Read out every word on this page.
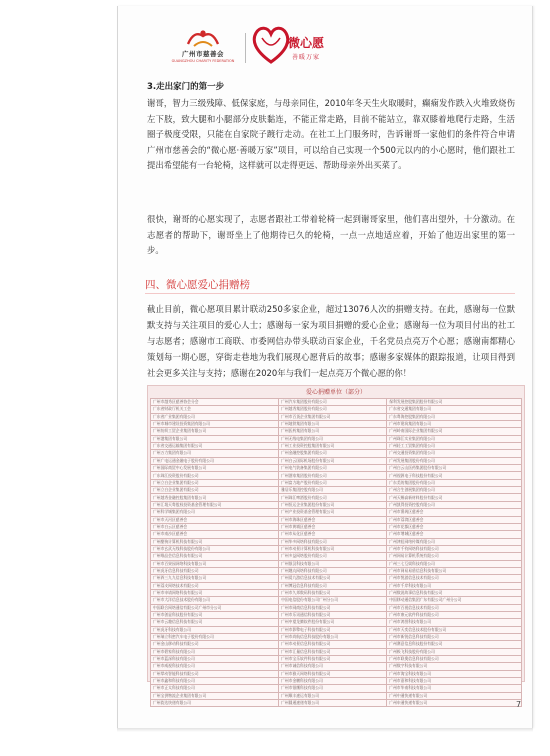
广州市慈善会
GUANGZHOU CHARITY FEDERATION
微心愿
善暖万家
3.走出家门的第一步
谢哥，智力三级残障、低保家庭，与母亲同住，2010年冬天生火取暖时，癫痫发作跌入火堆致烧伤左下肢，致大腿和小腿部分皮肤黏连，不能正常走路，目前不能站立，靠双膝着地爬行走路，生活圈子极度受限，只能在自家院子踱行走动。在社工上门服务时，告诉谢哥一家他们的条件符合申请广州市慈善会的“微心愿·善暖万家”项目，可以给自己实现一个500元以内的小心愿时，他们跟社工提出希望能有一台轮椅，这样就可以走得更远、帮助母亲外出买菜了。
很快，谢哥的心愿实现了，志愿者跟社工带着轮椅一起到谢哥家里，他们喜出望外，十分激动。在志愿者的帮助下，谢哥坐上了他期待已久的轮椅，一点一点地适应着，开始了他迈出家里的第一步。
四、微心愿爱心捐赠榜
截止目前，微心愿项目累计联动250多家企业，超过13076人次的捐赠支持。在此，感谢每一位默默支持与关注项目的爱心人士；感谢每一家为项目捐赠的爱心企业；感谢每一位为项目付出的社工与志愿者；感谢市工商联、市委网信办带头联动百家企业，千名党员点亮万个心愿；感谢南都精心策划每一期心愿，穿街走巷地为我们展现心愿背后的故事；感谢多家媒体的跟踪报道，让项目得到社会更多关注与支持；感谢在2020年与我们一起点亮万个微心愿的你！
爱心捐赠单位（部分）
广州市越秀区慈善协会分会	广州汽车集团股份有限公司	保利发展控股集团股份有限公司
广东省财政厅机关工会	广州越秀集团股份有限公司	广东省交通集团有限公司
广东省广业集团有限公司	广州市百货企业集团有限公司	广东粤海控股集团有限公司
广州市城市建设投资集团有限公司	广州地铁集团有限公司	广州市建筑集团有限公司
广州纺织工贸企业集团有限公司	广州医药集团有限公司	广州岭南国际企业集团有限公司
广州港集团有限公司	广州无线电集团有限公司	广州珠江实业集团有限公司
广东省交通运输集团有限公司	广州工业投资控股集团有限公司	广州轻工工贸集团有限公司
广州万力集团有限公司	广州金融控股集团有限公司	广州交通投资集团有限公司
广州广电运通金融电子股份有限公司	广州白云国际机场股份有限公司	广州发展集团股份有限公司
广州国际商贸中心发展有限公司	广州电气装备集团有限公司	广州白云山医药集团股份有限公司
广东珠江投资股份有限公司	广州酒家集团股份有限公司	广州视源电子科技股份有限公司
广州立白企业集团有限公司	广州富力地产股份有限公司	广东美的集团股份有限公司
广州立白企业集团有限公司	雅居乐集团控股有限公司	广州合生创展集团有限公司
广州越秀金融控股集团有限公司	广州珠江啤酒股份有限公司	广州天赐高新材料股份有限公司
广州汇垠天粤股权投资基金管理有限公司	广州恒运企业集团股份有限公司	广州凯得投资控股有限公司
广州科学城集团有限公司	广州产业投资基金管理有限公司	广州市番禺区慈善会
广州市天河区慈善会	广州市海珠区慈善会	广州市荔湾区慈善会
广州市白云区慈善会	广州市黄埔区慈善会	广州市花都区慈善会
广州市南沙区慈善会	广州市从化区慈善会	广州市增城区慈善会
广州酷狗计算机科技有限公司	广州华多网络科技有限公司	广州津虹网络传媒有限公司
广州市玄武无线科技股份有限公司	广州市动景计算机科技有限公司	广州市千钧网络科技有限公司
广州唯品会信息科技有限公司	广州多益网络股份有限公司	广州网易计算机系统有限公司
广州市百果园网络科技有限公司	广州银汉科技有限公司	广州三七互娱科技有限公司
广州虎牙信息科技有限公司	广州趣丸网络科技有限公司	广州市网易易盾信息科技有限公司
广州四三九九信息科技有限公司	广州爱九游信息技术有限公司	广州市悦游信息技术有限公司
广州荔支网络技术有限公司	广州博冠信息科技有限公司	广州市千岸科技有限公司
广州市申请网络科技有限公司	广州市久邦数码科技有限公司	广州数说故事信息科技有限公司
广州市大洋信息技术股份有限公司	中国电信股份有限公司广州分公司	中国移动通信集团广东有限公司广州分公司
中国联合网络通信有限公司广州市分公司	广州市网商信息科技有限公司	广州市百视信息技术有限公司
广州市创显科技股份有限公司	广州市乐讯通信科技有限公司	广州市康元软件科技有限公司
广州市云趣信息科技有限公司	广州中望龙腾软件股份有限公司	广州市鸿图科技有限公司
广州虎牙科技有限公司	广州市影擎电子科技有限公司	广州市天奕信息技术股份有限公司
广州瑞立科密汽车电子股份有限公司	广州市尚航信息科技股份有限公司	广州市新锐信息科技有限公司
广州金山移动科技有限公司	广州市动景信息科技有限公司	广州赛意信息科技股份有限公司
广州市碧家科技有限公司	广州市汇量信息科技有限公司	广州极飞科技股份有限公司
广州市蓝深科技有限公司	广州市宝乐软件科技有限公司	广州市联奥信息科技有限公司
广州市威视科技有限公司	广州市诚信科技有限公司	广州数字科技有限公司
广州掌动智能科技有限公司	广州市雅天网络科技有限公司	广州市淘宝科技有限公司
广州市鑫和科技有限公司	广州市金鹏科技有限公司	广州市嘉和科技有限公司
广州市正太科技有限公司	广州市银鹰科技有限公司	广州市华南科技有限公司
广州宝供物流企业集团有限公司	广州顺丰速运有限公司	广州中通快递有限公司
广州韵达快递有限公司	广州圆通速递有限公司	广州申通快递有限公司	7
